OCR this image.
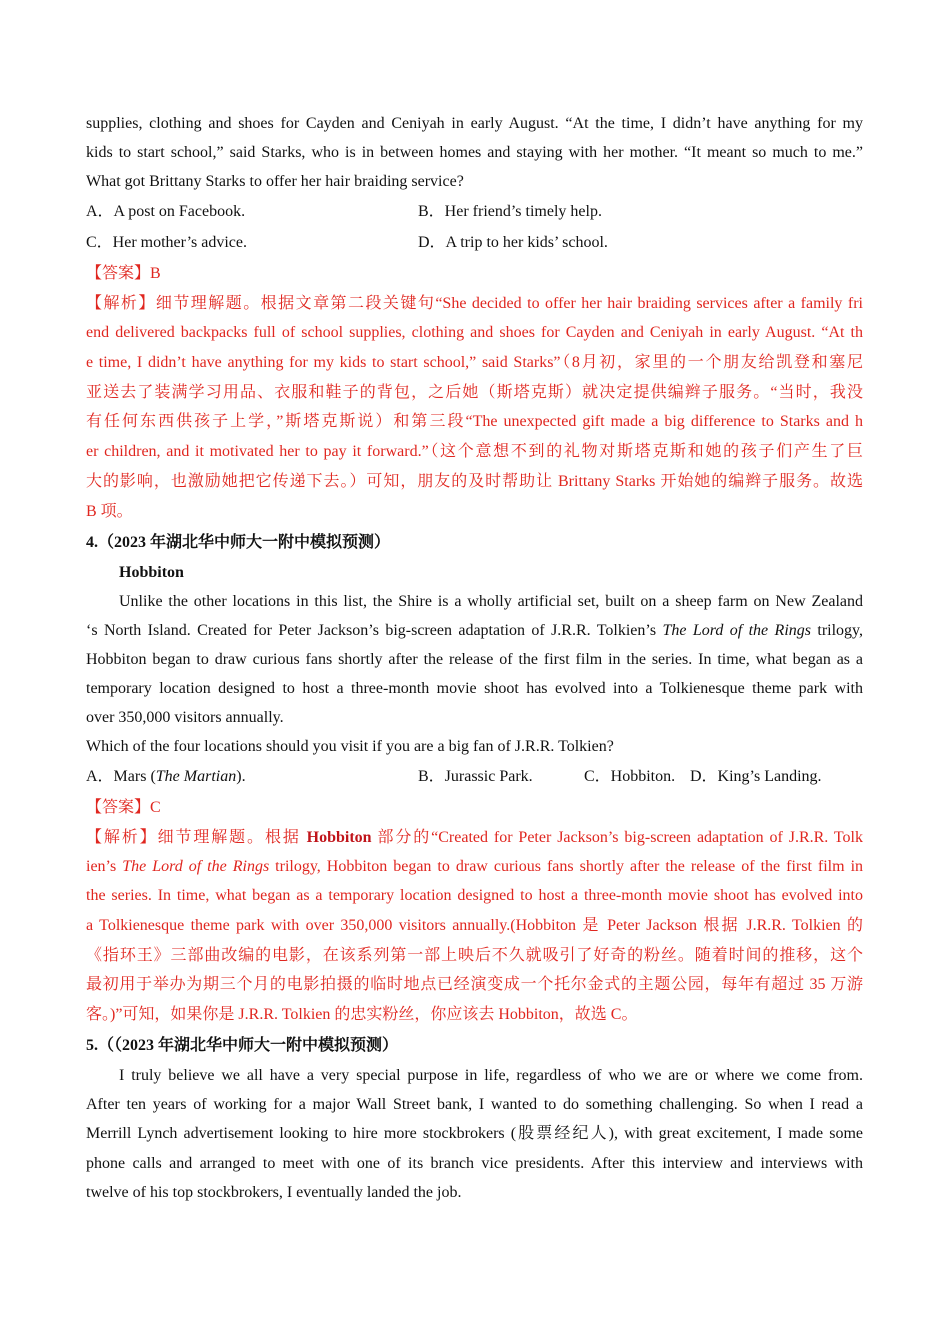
supplies, clothing and shoes for Cayden and Ceniyah in early August. “At the time, I didn’t have anything for my
kids to start school,” said Starks, who is in between homes and staying with her mother. “It meant so much to me.”
What got Brittany Starks to offer her hair braiding service?
A．A post on Facebook.	B．Her friend’s timely help.
C．Her mother’s advice.	D．A trip to her kids’ school.
【答案】B
【解析】细节理解题。根据文章第二段关键句“She decided to offer her hair braiding services after a family fri
end delivered backpacks full of school supplies, clothing and shoes for Cayden and Ceniyah in early August. “At th
e time, I didn’t have anything for my kids to start school,” said Starks”（8月初，家里的一个朋友给凯登和塞尼
亚送去了装满学习用品、衣服和鞋子的背包，之后她（斯塔克斯）就决定提供编辫子服务。“当时，我没
有任何东西供孩子上学，”斯塔克斯说）和第三段“The unexpected gift made a big difference to Starks and h
er children, and it motivated her to pay it forward.”（这个意想不到的礼物对斯塔克斯和她的孩子们产生了巨
大的影响，也激励她把它传递下去。）可知，朋友的及时帮助让 Brittany Starks 开始她的编辫子服务。故选
B 项。
4.（2023 年湖北华中师大一附中模拟预测）
Hobbiton
Unlike the other locations in this list, the Shire is a wholly artificial set, built on a sheep farm on New Zealand
‘s North Island. Created for Peter Jackson’s big-screen adaptation of J.R.R. Tolkien’s The Lord of the Rings trilogy,
Hobbiton began to draw curious fans shortly after the release of the first film in the series. In time, what began as a
temporary location designed to host a three-month movie shoot has evolved into a Tolkienesque theme park with
over 350,000 visitors annually.
Which of the four locations should you visit if you are a big fan of J.R.R. Tolkien?
A．Mars (The Martian).	B．Jurassic Park.	C．Hobbiton. D．King’s Landing.
【答案】C
【解析】细节理解题。根据 Hobbiton 部分的“Created for Peter Jackson’s big-screen adaptation of J.R.R. Tolk
ien’s The Lord of the Rings trilogy, Hobbiton began to draw curious fans shortly after the release of the first film in
the series. In time, what began as a temporary location designed to host a three-month movie shoot has evolved into
a Tolkienesque theme park with over 350,000 visitors annually.(Hobbiton 是 Peter Jackson 根据 J.R.R. Tolkien 的
《指环王》三部曲改编的电影，在该系列第一部上映后不久就吸引了好奇的粉丝。随着时间的推移，这个
最初用于举办为期三个月的电影拍摄的临时地点已经演变成一个托尔金式的主题公园，每年有超过 35 万游
客。)”可知，如果你是 J.R.R. Tolkien 的忠实粉丝，你应该去 Hobbiton，故选 C。
5.（（2023 年湖北华中师大一附中模拟预测）
I truly believe we all have a very special purpose in life, regardless of who we are or where we come from.
After ten years of working for a major Wall Street bank, I wanted to do something challenging. So when I read a
Merrill Lynch advertisement looking to hire more stockbrokers (股票经纪人), with great excitement, I made some
phone calls and arranged to meet with one of its branch vice presidents. After this interview and interviews with
twelve of his top stockbrokers, I eventually landed the job.
